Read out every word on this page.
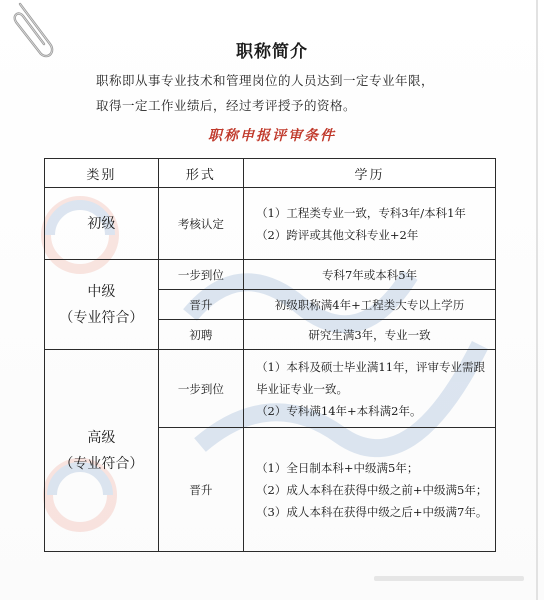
职称简介
职称即从事专业技术和管理岗位的人员达到一定专业年限，
取得一定工作业绩后，经过考评授予的资格。
职称申报评审条件
类别	形式	学历
初级	考核认定	（1）工程类专业一致，专科3年/本科1年
（2）跨评或其他文科专业+2年

中级
（专业符合）	一步到位	专科7年或本科5年
	晋升	初级职称满4年+工程类大专以上学历
	初聘	研究生满3年，专业一致

高级
（专业符合）	一步到位	（1）本科及硕士毕业满11年，评审专业需跟
毕业证专业一致。
（2）专科满14年+本科满2年。

	晋升	（1）全日制本科+中级满5年；
（2）成人本科在获得中级之前+中级满5年；
（3）成人本科在获得中级之后+中级满7年。
